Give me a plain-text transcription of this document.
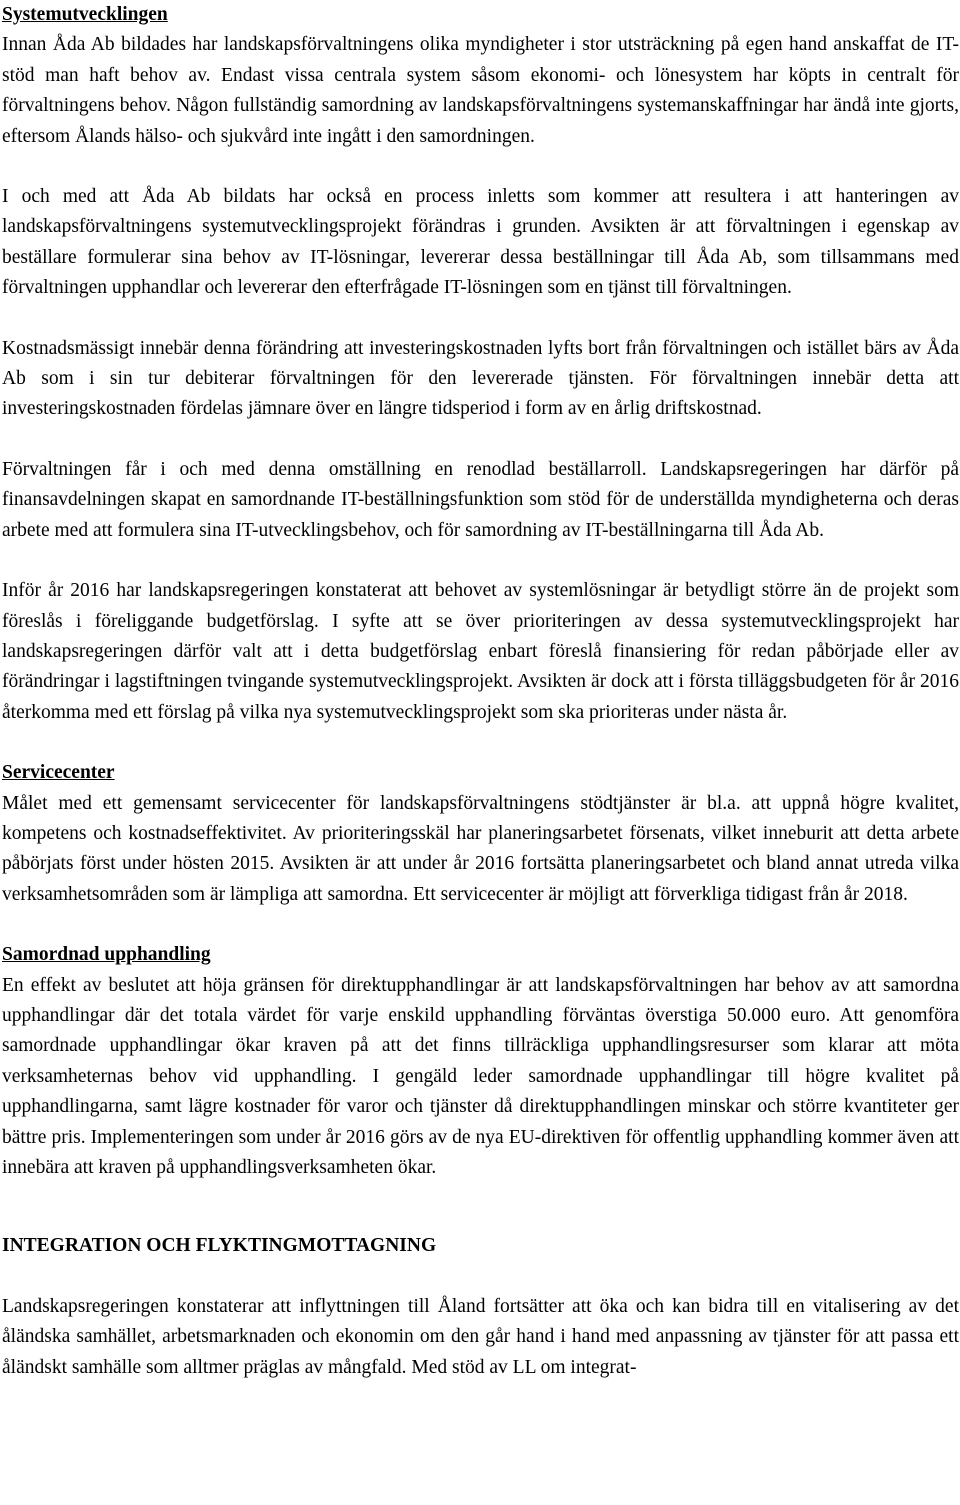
Systemutvecklingen

Innan Åda Ab bildades har landskapsförvaltningens olika myndigheter i stor utsträckning på egen hand anskaffat de IT-stöd man haft behov av. Endast vissa centrala system såsom ekonomi- och lönesystem har köpts in centralt för förvaltningens behov. Någon fullständig samordning av landskapsförvaltningens systemanskaffningar har ändå inte gjorts, eftersom Ålands hälso- och sjukvård inte ingått i den samordningen.

I och med att Åda Ab bildats har också en process inletts som kommer att resultera i att hanteringen av landskapsförvaltningens systemutvecklingsprojekt förändras i grunden. Avsikten är att förvaltningen i egenskap av beställare formulerar sina behov av IT-lösningar, levererar dessa beställningar till Åda Ab, som tillsammans med förvaltningen upphandlar och levererar den efterfrågade IT-lösningen som en tjänst till förvaltningen.

Kostnadsmässigt innebär denna förändring att investeringskostnaden lyfts bort från förvaltningen och istället bärs av Åda Ab som i sin tur debiterar förvaltningen för den levererade tjänsten. För förvaltningen innebär detta att investeringskostnaden fördelas jämnare över en längre tidsperiod i form av en årlig driftskostnad.

Förvaltningen får i och med denna omställning en renodlad beställarroll. Landskapsregeringen har därför på finansavdelningen skapat en samordnande IT-beställningsfunktion som stöd för de underställda myndigheterna och deras arbete med att formulera sina IT-utvecklingsbehov, och för samordning av IT-beställningarna till Åda Ab.

Inför år 2016 har landskapsregeringen konstaterat att behovet av systemlösningar är betydligt större än de projekt som föreslås i föreliggande budgetförslag. I syfte att se över prioriteringen av dessa systemutvecklingsprojekt har landskapsregeringen därför valt att i detta budgetförslag enbart föreslå finansiering för redan påbörjade eller av förändringar i lagstiftningen tvingande systemutvecklingsprojekt. Avsikten är dock att i första tilläggsbudgeten för år 2016 återkomma med ett förslag på vilka nya systemutvecklingsprojekt som ska prioriteras under nästa år.

Servicecenter

Målet med ett gemensamt servicecenter för landskapsförvaltningens stödtjänster är bl.a. att uppnå högre kvalitet, kompetens och kostnadseffektivitet. Av prioriteringsskäl har planeringsarbetet försenats, vilket inneburit att detta arbete påbörjats först under hösten 2015. Avsikten är att under år 2016 fortsätta planeringsarbetet och bland annat utreda vilka verksamhetsområden som är lämpliga att samordna. Ett servicecenter är möjligt att förverkliga tidigast från år 2018.

Samordnad upphandling

En effekt av beslutet att höja gränsen för direktupphandlingar är att landskapsförvaltningen har behov av att samordna upphandlingar där det totala värdet för varje enskild upphandling förväntas överstiga 50.000 euro. Att genomföra samordnade upphandlingar ökar kraven på att det finns tillräckliga upphandlingsresurser som klarar att möta verksamheternas behov vid upphandling. I gengäld leder samordnade upphandlingar till högre kvalitet på upphandlingarna, samt lägre kostnader för varor och tjänster då direktupphandlingen minskar och större kvantiteter ger bättre pris. Implementeringen som under år 2016 görs av de nya EU-direktiven för offentlig upphandling kommer även att innebära att kraven på upphandlingsverksamheten ökar.

INTEGRATION OCH FLYKTINGMOTTAGNING

Landskapsregeringen konstaterar att inflyttningen till Åland fortsätter att öka och kan bidra till en vitalisering av det åländska samhället, arbetsmarknaden och ekonomin om den går hand i hand med anpassning av tjänster för att passa ett åländskt samhälle som alltmer präglas av mångfald. Med stöd av LL om integrat-
